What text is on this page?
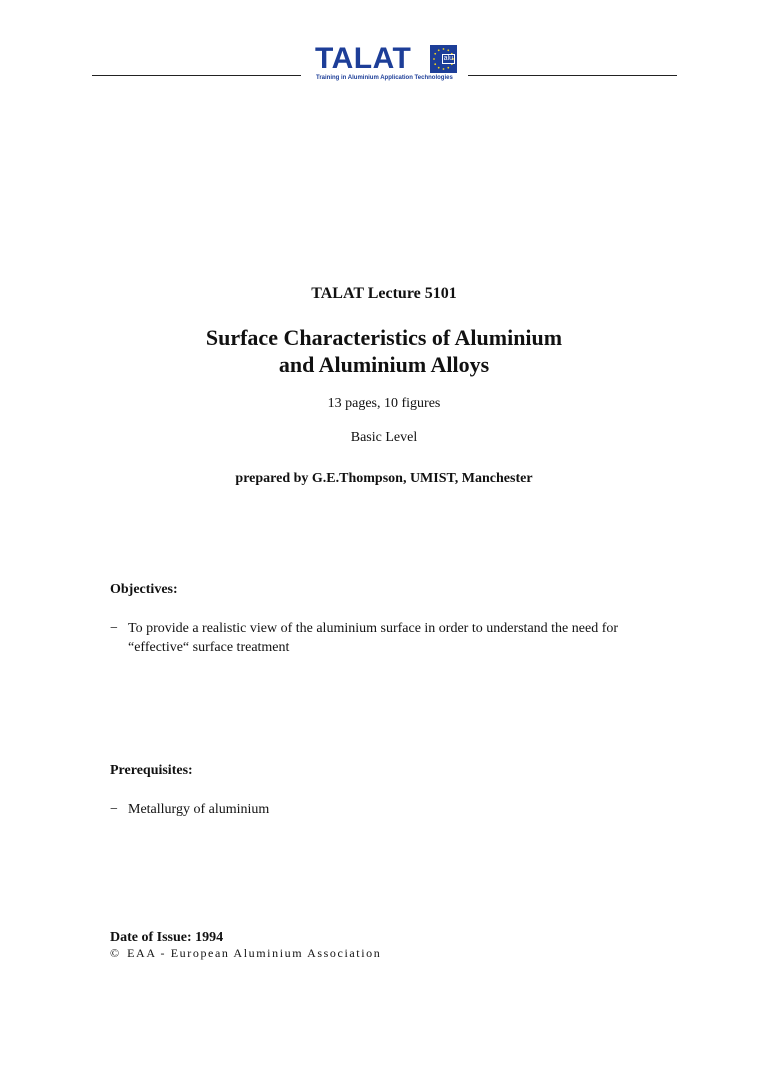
TALAT	alu
Training in Aluminium Application Technologies
TALAT Lecture 5101
Surface Characteristics of Aluminium
and Aluminium Alloys
13 pages, 10 figures
Basic Level
prepared by G.E.Thompson, UMIST, Manchester
Objectives:
− To provide a realistic view of the aluminium surface in order to understand the need for “effective“ surface treatment
Prerequisites:
− Metallurgy of aluminium
Date of Issue: 1994
© EAA - European Aluminium Association
